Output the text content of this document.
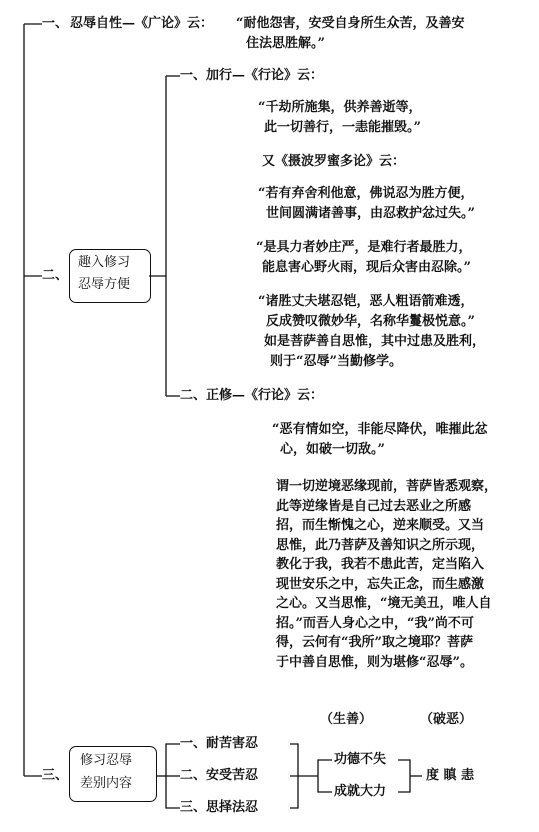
一、 忍辱自性—《广论》云： “耐他怨害，安受自身所生众苦，及善安
住法思胜解。”
二、
趣入修习
忍辱方便
一、加行—《行论》云：
“千劫所施集，供养善逝等，
此一切善行，一恚能摧毁。”
又《摄波罗蜜多论》云：
“若有弃舍利他意，佛说忍为胜方便，
世间圆满诸善事，由忍救护忿过失。”
“是具力者妙庄严，是难行者最胜力，
能息害心野火雨，现后众害由忍除。”
“诸胜丈夫堪忍铠，恶人粗语箭难透，
反成赞叹微妙华，名称华鬘极悦意。”
如是菩萨善自思惟，其中过患及胜利，
则于“忍辱”当勤修学。
二、正修—《行论》云：
“恶有情如空，非能尽降伏，唯摧此忿
心，如破一切敌。”
谓一切逆境恶缘现前，菩萨皆悉观察，
此等逆缘皆是自己过去恶业之所感
招，而生惭愧之心，逆来顺受。又当
思惟，此乃菩萨及善知识之所示现，
教化于我，我若不患此苦，定当陷入
现世安乐之中，忘失正念，而生感激
之心。又当思惟，“境无美丑，唯人自
招。”而吾人身心之中，“我”尚不可
得，云何有“我所”取之境耶？菩萨
于中善自思惟，则为堪修“忍辱”。
（生善）	（破恶）
三、
修习忍辱
差别内容
一、耐苦害忍
二、安受苦忍
三、思择法忍
功德不失
成就大力
度 瞋 恚
